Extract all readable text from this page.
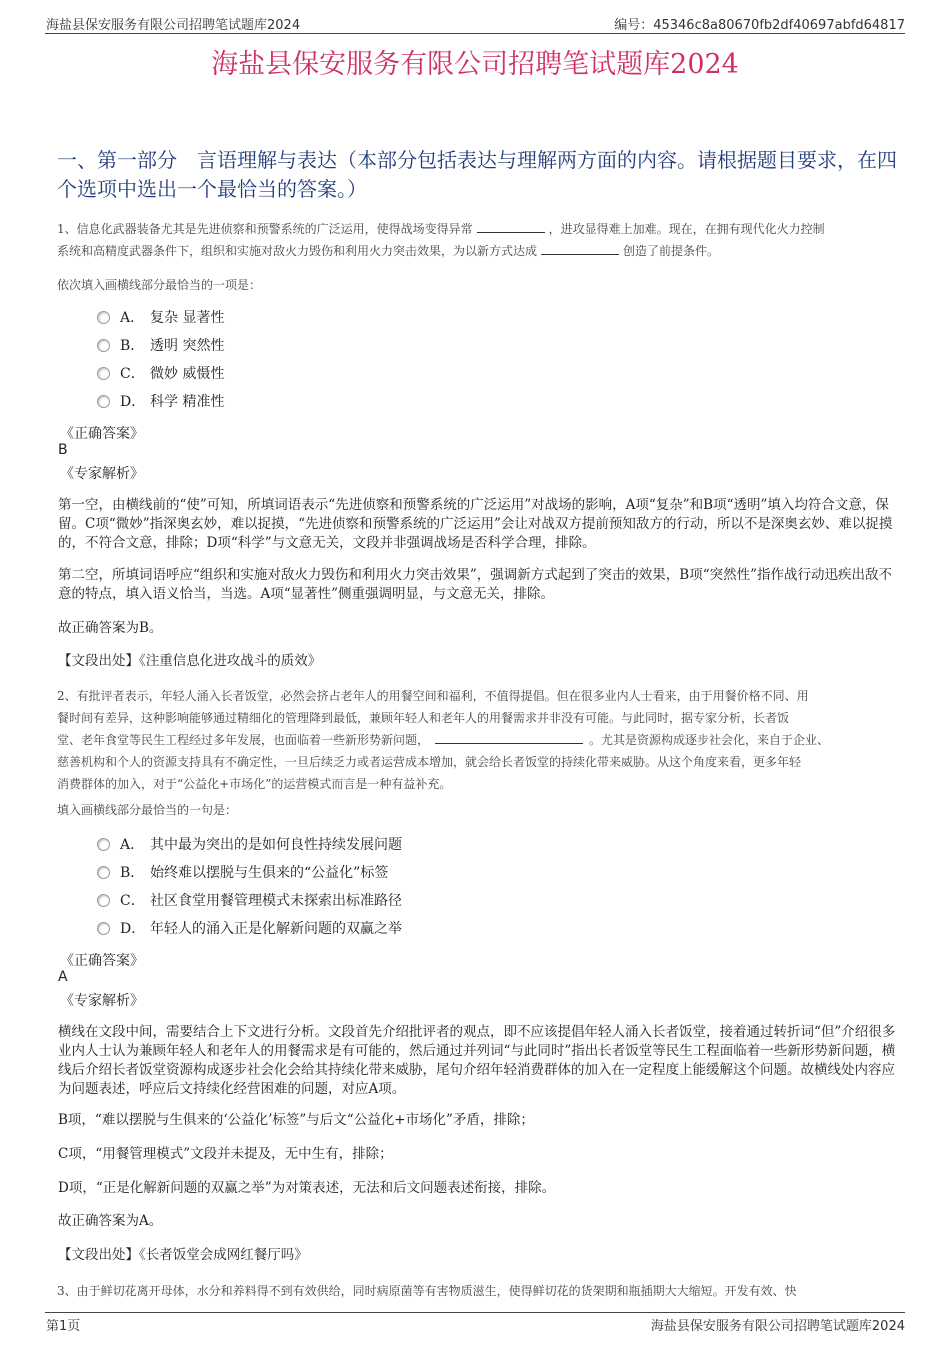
海盐县保安服务有限公司招聘笔试题库2024	编号：45346c8a80670fb2df40697abfd64817
海盐县保安服务有限公司招聘笔试题库2024
一、第一部分　言语理解与表达（本部分包括表达与理解两方面的内容。请根据题目要求，在四个选项中选出一个最恰当的答案。）
1、信息化武器装备尤其是先进侦察和预警系统的广泛运用，使得战场变得异常	，进攻显得难上加难。现在，在拥有现代化火力控制
系统和高精度武器条件下，组织和实施对敌火力毁伤和利用火力突击效果，为以新方式达成	创造了前提条件。
依次填入画横线部分最恰当的一项是：
A． 复杂 显著性
B． 透明 突然性
C． 微妙 威慑性
D． 科学 精准性
《正确答案》
B
《专家解析》
第一空，由横线前的“使”可知，所填词语表示“先进侦察和预警系统的广泛运用”对战场的影响，A项“复杂”和B项“透明”填入均符合文意，保留。C项“微妙”指深奥玄妙，难以捉摸，“先进侦察和预警系统的广泛运用”会让对战双方提前预知敌方的行动，所以不是深奥玄妙、难以捉摸的，不符合文意，排除；D项“科学”与文意无关，文段并非强调战场是否科学合理，排除。
第二空，所填词语呼应“组织和实施对敌火力毁伤和利用火力突击效果”，强调新方式起到了突击的效果，B项“突然性”指作战行动迅疾出敌不意的特点，填入语义恰当，当选。A项“显著性”侧重强调明显，与文意无关，排除。
故正确答案为B。
【文段出处】《注重信息化进攻战斗的质效》
2、有批评者表示，年轻人涌入长者饭堂，必然会挤占老年人的用餐空间和福利，不值得提倡。但在很多业内人士看来，由于用餐价格不同、用
餐时间有差异，这种影响能够通过精细化的管理降到最低，兼顾年轻人和老年人的用餐需求并非没有可能。与此同时，据专家分析，长者饭
堂、老年食堂等民生工程经过多年发展，也面临着一些新形势新问题，	。尤其是资源构成逐步社会化，来自于企业、
慈善机构和个人的资源支持具有不确定性，一旦后续乏力或者运营成本增加，就会给长者饭堂的持续化带来威胁。从这个角度来看，更多年轻
消费群体的加入，对于“公益化+市场化”的运营模式而言是一种有益补充。
填入画横线部分最恰当的一句是：
A． 其中最为突出的是如何良性持续发展问题
B． 始终难以摆脱与生俱来的“公益化”标签
C． 社区食堂用餐管理模式未探索出标准路径
D． 年轻人的涌入正是化解新问题的双赢之举
《正确答案》
A
《专家解析》
横线在文段中间，需要结合上下文进行分析。文段首先介绍批评者的观点，即不应该提倡年轻人涌入长者饭堂，接着通过转折词“但”介绍很多业内人士认为兼顾年轻人和老年人的用餐需求是有可能的，然后通过并列词“与此同时”指出长者饭堂等民生工程面临着一些新形势新问题，横线后介绍长者饭堂资源构成逐步社会化会给其持续化带来威胁，尾句介绍年轻消费群体的加入在一定程度上能缓解这个问题。故横线处内容应为问题表述，呼应后文持续化经营困难的问题，对应A项。
B项，“难以摆脱与生俱来的‘公益化’标签”与后文“公益化+市场化”矛盾，排除；
C项，“用餐管理模式”文段并未提及，无中生有，排除；
D项，“正是化解新问题的双赢之举”为对策表述，无法和后文问题表述衔接，排除。
故正确答案为A。
【文段出处】《长者饭堂会成网红餐厅吗》
3、由于鲜切花离开母体，水分和养料得不到有效供给，同时病原菌等有害物质滋生，使得鲜切花的货架期和瓶插期大大缩短。开发有效、快
第1页	海盐县保安服务有限公司招聘笔试题库2024
